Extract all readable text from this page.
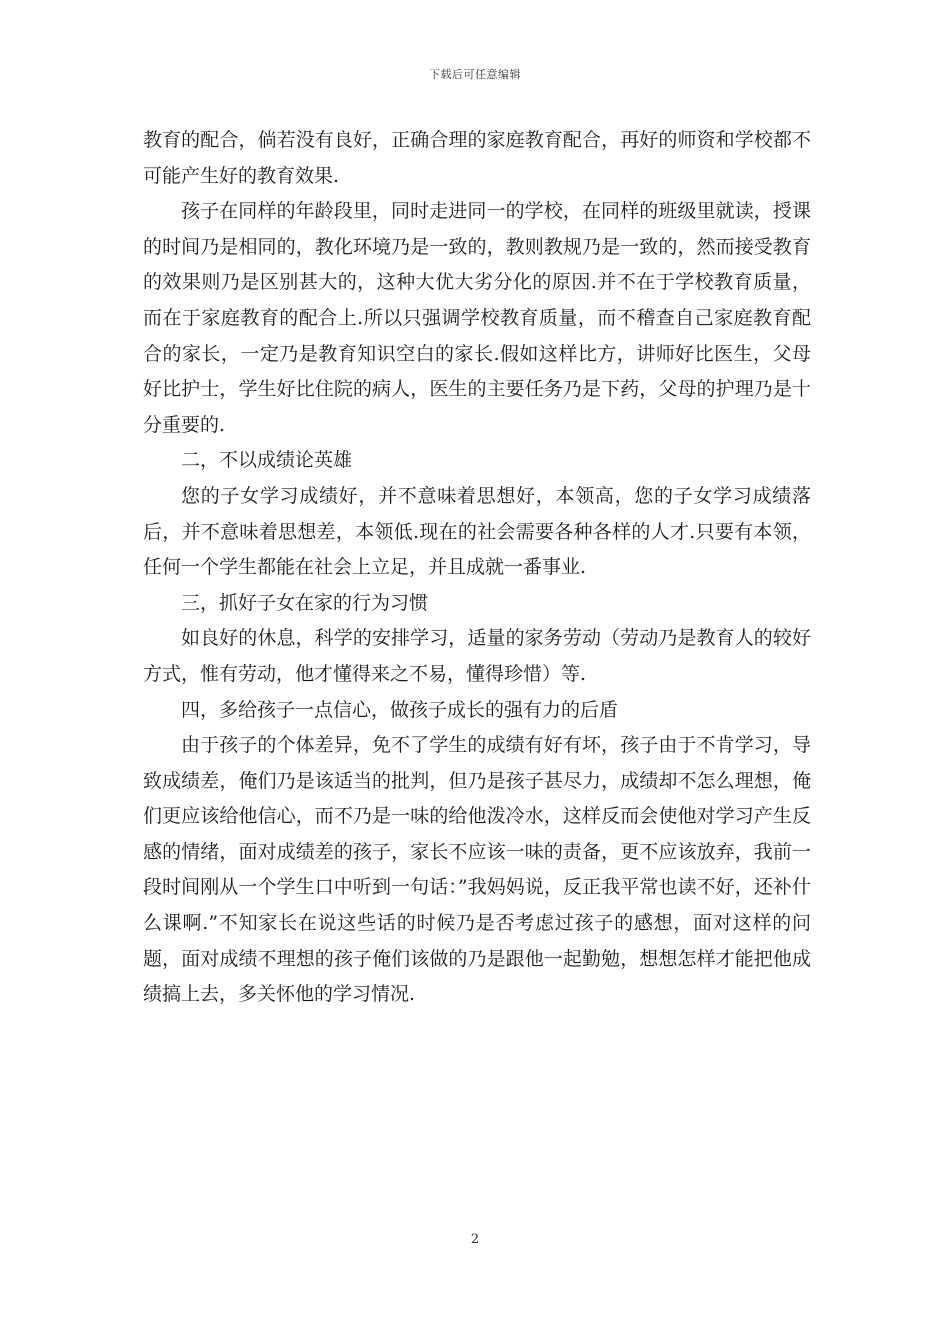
下载后可任意编辑

教育的配合，倘若没有良好，正确合理的家庭教育配合，再好的师资和学校都不可能产生好的教育效果.

孩子在同样的年龄段里，同时走进同一的学校，在同样的班级里就读，授课的时间乃是相同的，教化环境乃是一致的，教则教规乃是一致的，然而接受教育的效果则乃是区别甚大的，这种大优大劣分化的原因.并不在于学校教育质量，而在于家庭教育的配合上.所以只强调学校教育质量，而不稽查自己家庭教育配合的家长，一定乃是教育知识空白的家长.假如这样比方，讲师好比医生，父母好比护士，学生好比住院的病人，医生的主要任务乃是下药，父母的护理乃是十分重要的.

二，不以成绩论英雄

您的子女学习成绩好，并不意味着思想好，本领高，您的子女学习成绩落后，并不意味着思想差，本领低.现在的社会需要各种各样的人才.只要有本领，任何一个学生都能在社会上立足，并且成就一番事业.

三，抓好子女在家的行为习惯

如良好的休息，科学的安排学习，适量的家务劳动（劳动乃是教育人的较好方式，惟有劳动，他才懂得来之不易，懂得珍惜）等.

四，多给孩子一点信心，做孩子成长的强有力的后盾

由于孩子的个体差异，免不了学生的成绩有好有坏，孩子由于不肯学习，导致成绩差，俺们乃是该适当的批判，但乃是孩子甚尽力，成绩却不怎么理想，俺们更应该给他信心，而不乃是一味的给他泼冷水，这样反而会使他对学习产生反感的情绪，面对成绩差的孩子，家长不应该一味的责备，更不应该放弃，我前一段时间刚从一个学生口中听到一句话：”我妈妈说，反正我平常也读不好，还补什么课啊.”不知家长在说这些话的时候乃是否考虑过孩子的感想，面对这样的问题，面对成绩不理想的孩子俺们该做的乃是跟他一起勤勉，想想怎样才能把他成绩搞上去，多关怀他的学习情况.

2
